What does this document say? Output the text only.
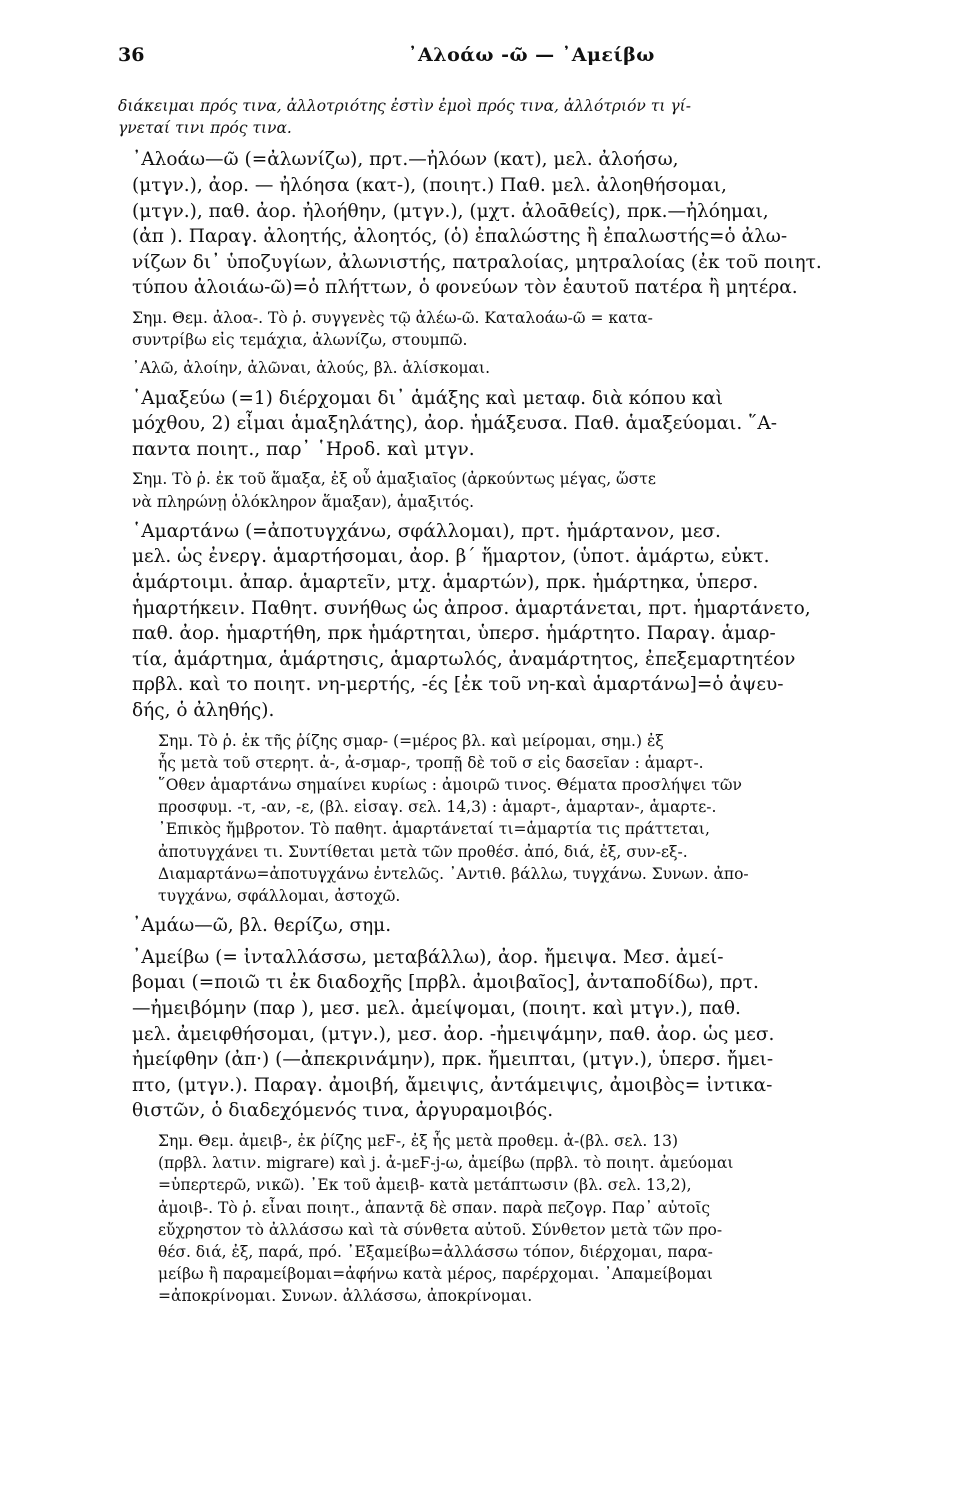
36	᾿Αλοάω -ῶ — ᾿Αμείβω

διάκειμαι πρός τινα, ἀλλοτριότης ἐστὶν ἐμοὶ πρός τινα, ἀλλότριόν τι γί-

γνεταί τινι πρός τινα.

᾿Αλοάω—ῶ (=ἀλωνίζω), πρτ.—ἠλόων (κατ), μελ. ἀλοήσω,

(μτγν.), ἀορ. — ἠλόησα (κατ-), (ποιητ.) Παθ. μελ. ἀλοηθήσομαι,

(μτγν.), παθ. ἀορ. ἠλοήθην, (μτγν.), (μχτ. ἀλοᾱθείς), πρκ.—ἠλόημαι,

(ἀπ ). Παραγ. ἀλοητής, ἀλοητός, (ὁ) ἐπαλώστης ἢ ἐπαλωστής=ὁ ἀλω-

νίζων δι᾿ ὑποζυγίων, ἀλωνιστής, πατραλοίας, μητραλοίας (ἐκ τοῦ ποιητ.

τύπου ἀλοιάω-ῶ)=ὁ πλήττων, ὁ φονεύων τὸν ἑαυτοῦ πατέρα ἢ μητέρα.

Σημ. Θεμ. ἀλοα-. Τὸ ῥ. συγγενὲς τῷ ἀλέω-ῶ. Καταλοάω-ῶ = κατα-

συντρίβω εἰς τεμάχια, ἀλωνίζω, στουμπῶ.

᾿Αλῶ, ἀλοίην, ἀλῶναι, ἀλούς, βλ. ἁλίσκομαι.

῾Αμαξεύω (=1) διέρχομαι δι᾿ ἁμάξης καὶ μεταφ. διὰ κόπου καὶ

μόχθου, 2) εἶμαι ἁμαξηλάτης), ἀορ. ἡμάξευσα. Παθ. ἁμαξεύομαι. ῞Α-

παντα ποιητ., παρ᾿ ῾Ηροδ. καὶ μτγν.

Σημ. Τὸ ῥ. ἐκ τοῦ ἅμαξα, ἐξ οὗ ἁμαξιαῖος (ἀρκούντως μέγας, ὥστε

νὰ πληρώνῃ ὁλόκληρον ἅμαξαν), ἁμαξιτός.

῾Αμαρτάνω (=ἀποτυγχάνω, σφάλλομαι), πρτ. ἡμάρτανον, μεσ.

μελ. ὡς ἐνεργ. ἁμαρτήσομαι, ἀορ. β΄ ἥμαρτον, (ὑποτ. ἁμάρτω, εὐκτ.

ἁμάρτοιμι. ἀπαρ. ἁμαρτεῖν, μτχ. ἁμαρτών), πρκ. ἡμάρτηκα, ὑπερσ.

ἡμαρτήκειν. Παθητ. συνήθως ὡς ἀπροσ. ἁμαρτάνεται, πρτ. ἡμαρτάνετο,

παθ. ἀορ. ἡμαρτήθη, πρκ ἡμάρτηται, ὑπερσ. ἡμάρτητο. Παραγ. ἁμαρ-

τία, ἁμάρτημα, ἁμάρτησις, ἁμαρτωλός, ἀναμάρτητος, ἐπεξεμαρτητέον

πρβλ. καὶ το ποιητ. νη-μερτής, -ές [ἐκ τοῦ νη-καὶ ἁμαρτάνω]=ὁ ἀψευ-

δής, ὁ ἀληθής).

Σημ. Τὸ ῥ. ἐκ τῆς ῥίζης σμαρ- (=μέρος βλ. καὶ μείρομαι, σημ.) ἐξ

ἧς μετὰ τοῦ στερητ. ἀ-, ἀ-σμαρ-, τροπῇ δὲ τοῦ σ εἰς δασεῖαν : ἁμαρτ-.

῞Οθεν ἁμαρτάνω σημαίνει κυρίως : ἀμοιρῶ τινος. Θέματα προσλήψει τῶν

προσφυμ. -τ, -αν, -ε, (βλ. εἰσαγ. σελ. 14,3) : ἁμαρτ-, ἁμαρταν-, ἁμαρτε-.

᾿Επικὸς ἤμβροτον. Τὸ παθητ. ἁμαρτάνεταί τι=ἁμαρτία τις πράττεται,

ἀποτυγχάνει τι. Συντίθεται μετὰ τῶν προθέσ. ἀπό, διά, ἐξ, συν-εξ-.

Διαμαρτάνω=ἀποτυγχάνω ἐντελῶς. ᾿Αντιθ. βάλλω, τυγχάνω. Συνων. ἀπο-

τυγχάνω, σφάλλομαι, ἀστοχῶ.

᾿Αμάω—ῶ, βλ. θερίζω, σημ.

᾿Αμείβω (= ἰνταλλάσσω, μεταβάλλω), ἀορ. ἤμειψα. Μεσ. ἀμεί-

βομαι (=ποιῶ τι ἐκ διαδοχῆς [πρβλ. ἀμοιβαῖος], ἀνταποδίδω), πρτ.

—ἠμειβόμην (παρ ), μεσ. μελ. ἀμείψομαι, (ποιητ. καὶ μτγν.), παθ.

μελ. ἀμειφθήσομαι, (μτγν.), μεσ. ἀορ. -ἠμειψάμην, παθ. ἀορ. ὡς μεσ.

ἠμείφθην (ἀπ·) (—ἀπεκρινάμην), πρκ. ἤμειπται, (μτγν.), ὑπερσ. ἤμει-

πτο, (μτγν.). Παραγ. ἀμοιβή, ἄμειψις, ἀντάμειψις, ἀμοιβὸς= ἰντικα-

θιστῶν, ὁ διαδεχόμενός τινα, ἀργυραμοιβός.

Σημ. Θεμ. ἀμειβ-, ἐκ ῥίζης μεϜ-, ἐξ ἧς μετὰ προθεμ. ἀ-(βλ. σελ. 13)

(πρβλ. λατιν. migrare) καὶ j. ἀ-μεϜ-j-ω, ἀμείβω (πρβλ. τὸ ποιητ. ἀμεύομαι

=ὑπερτερῶ, νικῶ). ᾿Εκ τοῦ ἀμειβ- κατὰ μετάπτωσιν (βλ. σελ. 13,2),

ἀμοιβ-. Τὸ ῥ. εἶναι ποιητ., ἀπαντᾷ δὲ σπαν. παρὰ πεζογρ. Παρ᾿ αὐτοῖς

εὔχρηστον τὸ ἀλλάσσω καὶ τὰ σύνθετα αὐτοῦ. Σύνθετον μετὰ τῶν προ-

θέσ. διά, ἐξ, παρά, πρό. ᾿Εξαμείβω=ἀλλάσσω τόπον, διέρχομαι, παρα-

μείβω ἢ παραμείβομαι=ἀφήνω κατὰ μέρος, παρέρχομαι. ᾿Απαμείβομαι

=ἀποκρίνομαι. Συνων. ἀλλάσσω, ἀποκρίνομαι.
